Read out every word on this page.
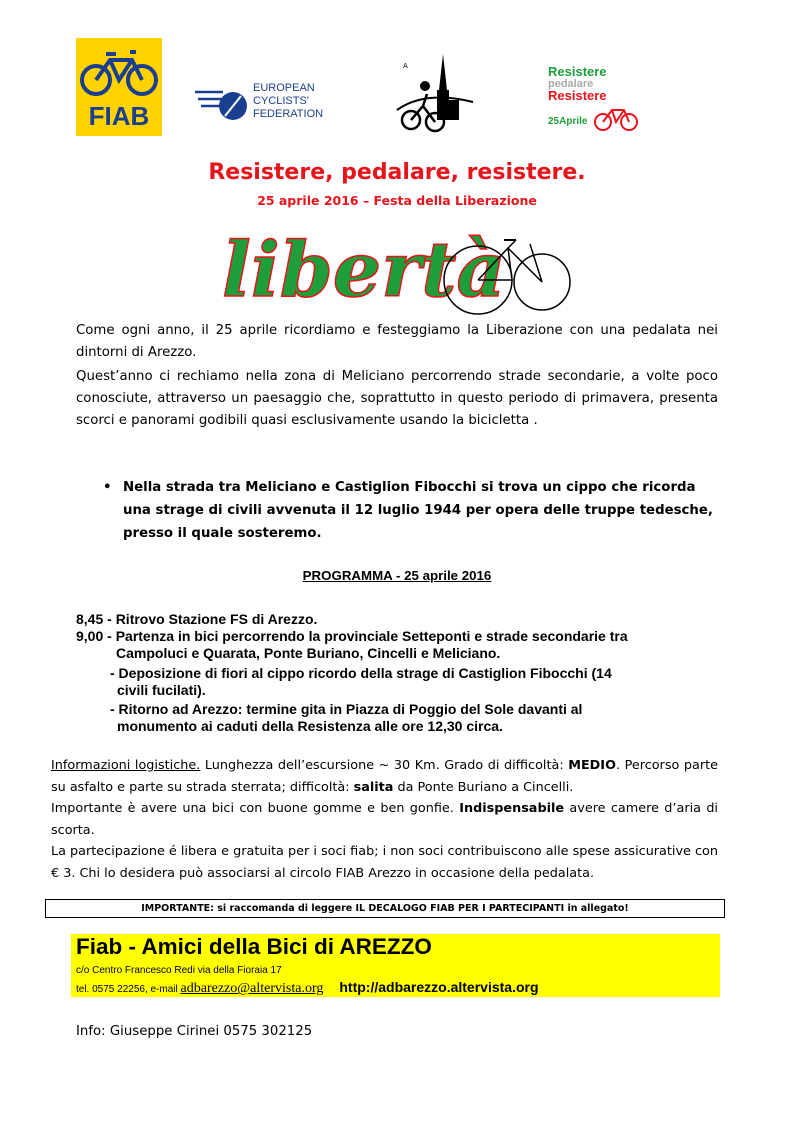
FIAB
EUROPEAN
CYCLISTS'
FEDERATION
A	Resistere
pedalare
Resistere
25Aprile
Resistere, pedalare, resistere.
25 aprile 2016 – Festa della Liberazione
libertà
Come ogni anno, il 25 aprile ricordiamo e festeggiamo la Liberazione con una pedalata nei dintorni di Arezzo.
Quest’anno ci rechiamo nella zona di Meliciano percorrendo strade secondarie, a volte poco conosciute, attraverso un paesaggio che, soprattutto in questo periodo di primavera, presenta scorci e panorami godibili quasi esclusivamente usando la bicicletta .
• Nella strada tra Meliciano e Castiglion Fibocchi si trova un cippo che ricorda una strage di civili avvenuta il 12 luglio 1944 per opera delle truppe tedesche, presso il quale sosteremo.
PROGRAMMA - 25 aprile 2016
8,45 - Ritrovo Stazione FS di Arezzo.
9,00 - Partenza in bici percorrendo la provinciale Setteponti e strade secondarie tra
Campoluci e Quarata, Ponte Buriano, Cincelli e Meliciano.
- Deposizione di fiori al cippo ricordo della strage di Castiglion Fibocchi (14
civili fucilati).
- Ritorno ad Arezzo: termine gita in Piazza di Poggio del Sole davanti al
monumento ai caduti della Resistenza alle ore 12,30 circa.
Informazioni logistiche. Lunghezza dell’escursione ~ 30 Km. Grado di difficoltà: MEDIO. Percorso parte su asfalto e parte su strada sterrata; difficoltà: salita da Ponte Buriano a Cincelli.
Importante è avere una bici con buone gomme e ben gonfie. Indispensabile avere camere d’aria di scorta.
La partecipazione é libera e gratuita per i soci fiab; i non soci contribuiscono alle spese assicurative con € 3. Chi lo desidera può associarsi al circolo FIAB Arezzo in occasione della pedalata.
IMPORTANTE: si raccomanda di leggere IL DECALOGO FIAB PER I PARTECIPANTI in allegato!
Fiab - Amici della Bici di AREZZO
c/o Centro Francesco Redi via della Fioraia 17
tel. 0575 22256, e-mail adbarezzo@altervista.org http://adbarezzo.altervista.org
Info: Giuseppe Cirinei 0575 302125
